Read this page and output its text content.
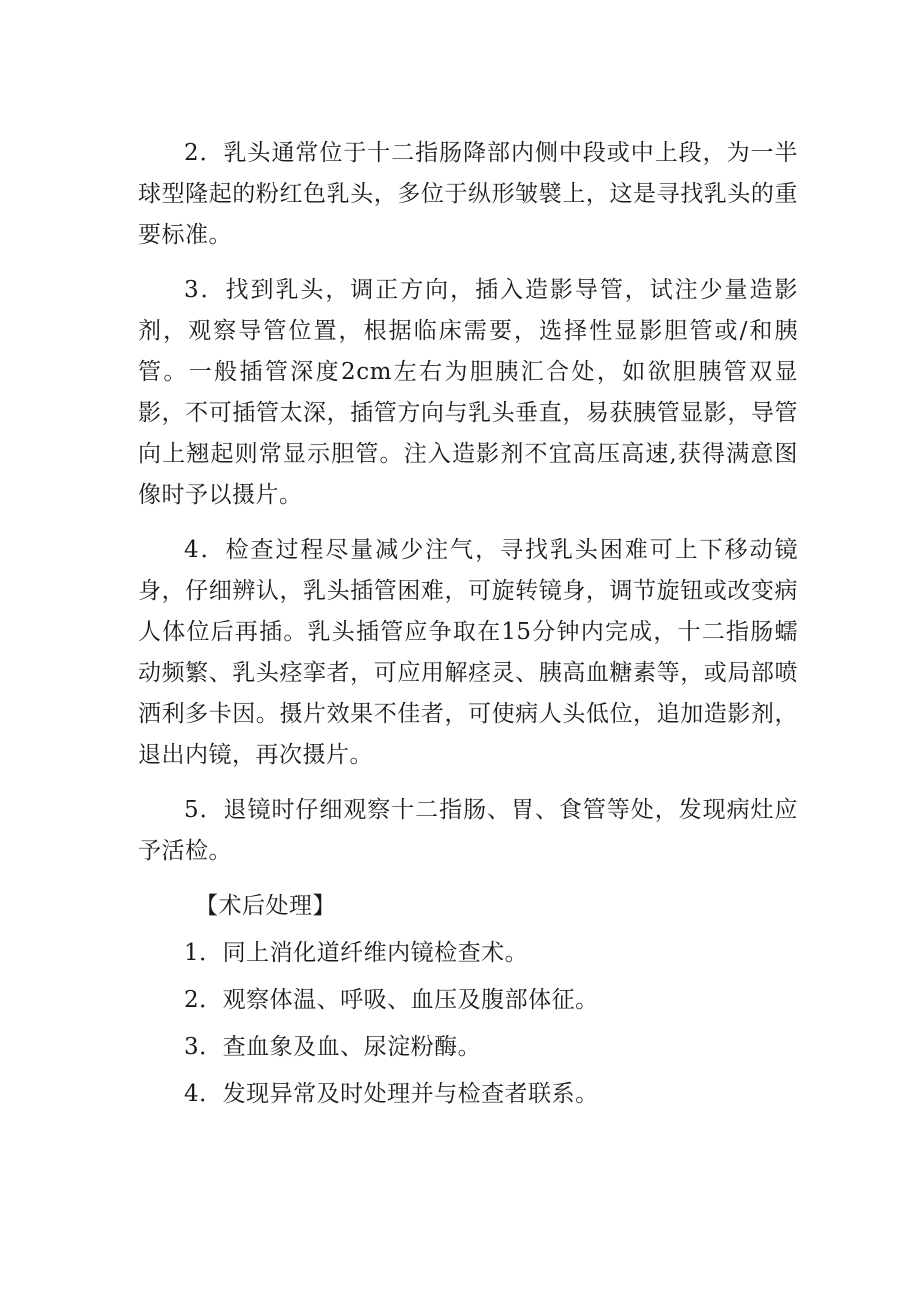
2．乳头通常位于十二指肠降部内侧中段或中上段，为一半球型隆起的粉红色乳头，多位于纵形皱襞上，这是寻找乳头的重要标准。

3．找到乳头，调正方向，插入造影导管，试注少量造影剂，观察导管位置，根据临床需要，选择性显影胆管或/和胰管。一般插管深度2cm左右为胆胰汇合处，如欲胆胰管双显影，不可插管太深，插管方向与乳头垂直，易获胰管显影，导管向上翘起则常显示胆管。注入造影剂不宜高压高速,获得满意图像时予以摄片。

4．检查过程尽量减少注气，寻找乳头困难可上下移动镜身，仔细辨认，乳头插管困难，可旋转镜身，调节旋钮或改变病人体位后再插。乳头插管应争取在15分钟内完成，十二指肠蠕动频繁、乳头痉挛者，可应用解痉灵、胰高血糖素等，或局部喷洒利多卡因。摄片效果不佳者，可使病人头低位，追加造影剂，退出内镜，再次摄片。

5．退镜时仔细观察十二指肠、胃、食管等处，发现病灶应予活检。

【术后处理】
1．同上消化道纤维内镜检查术。
2．观察体温、呼吸、血压及腹部体征。
3．查血象及血、尿淀粉酶。
4．发现异常及时处理并与检查者联系。
